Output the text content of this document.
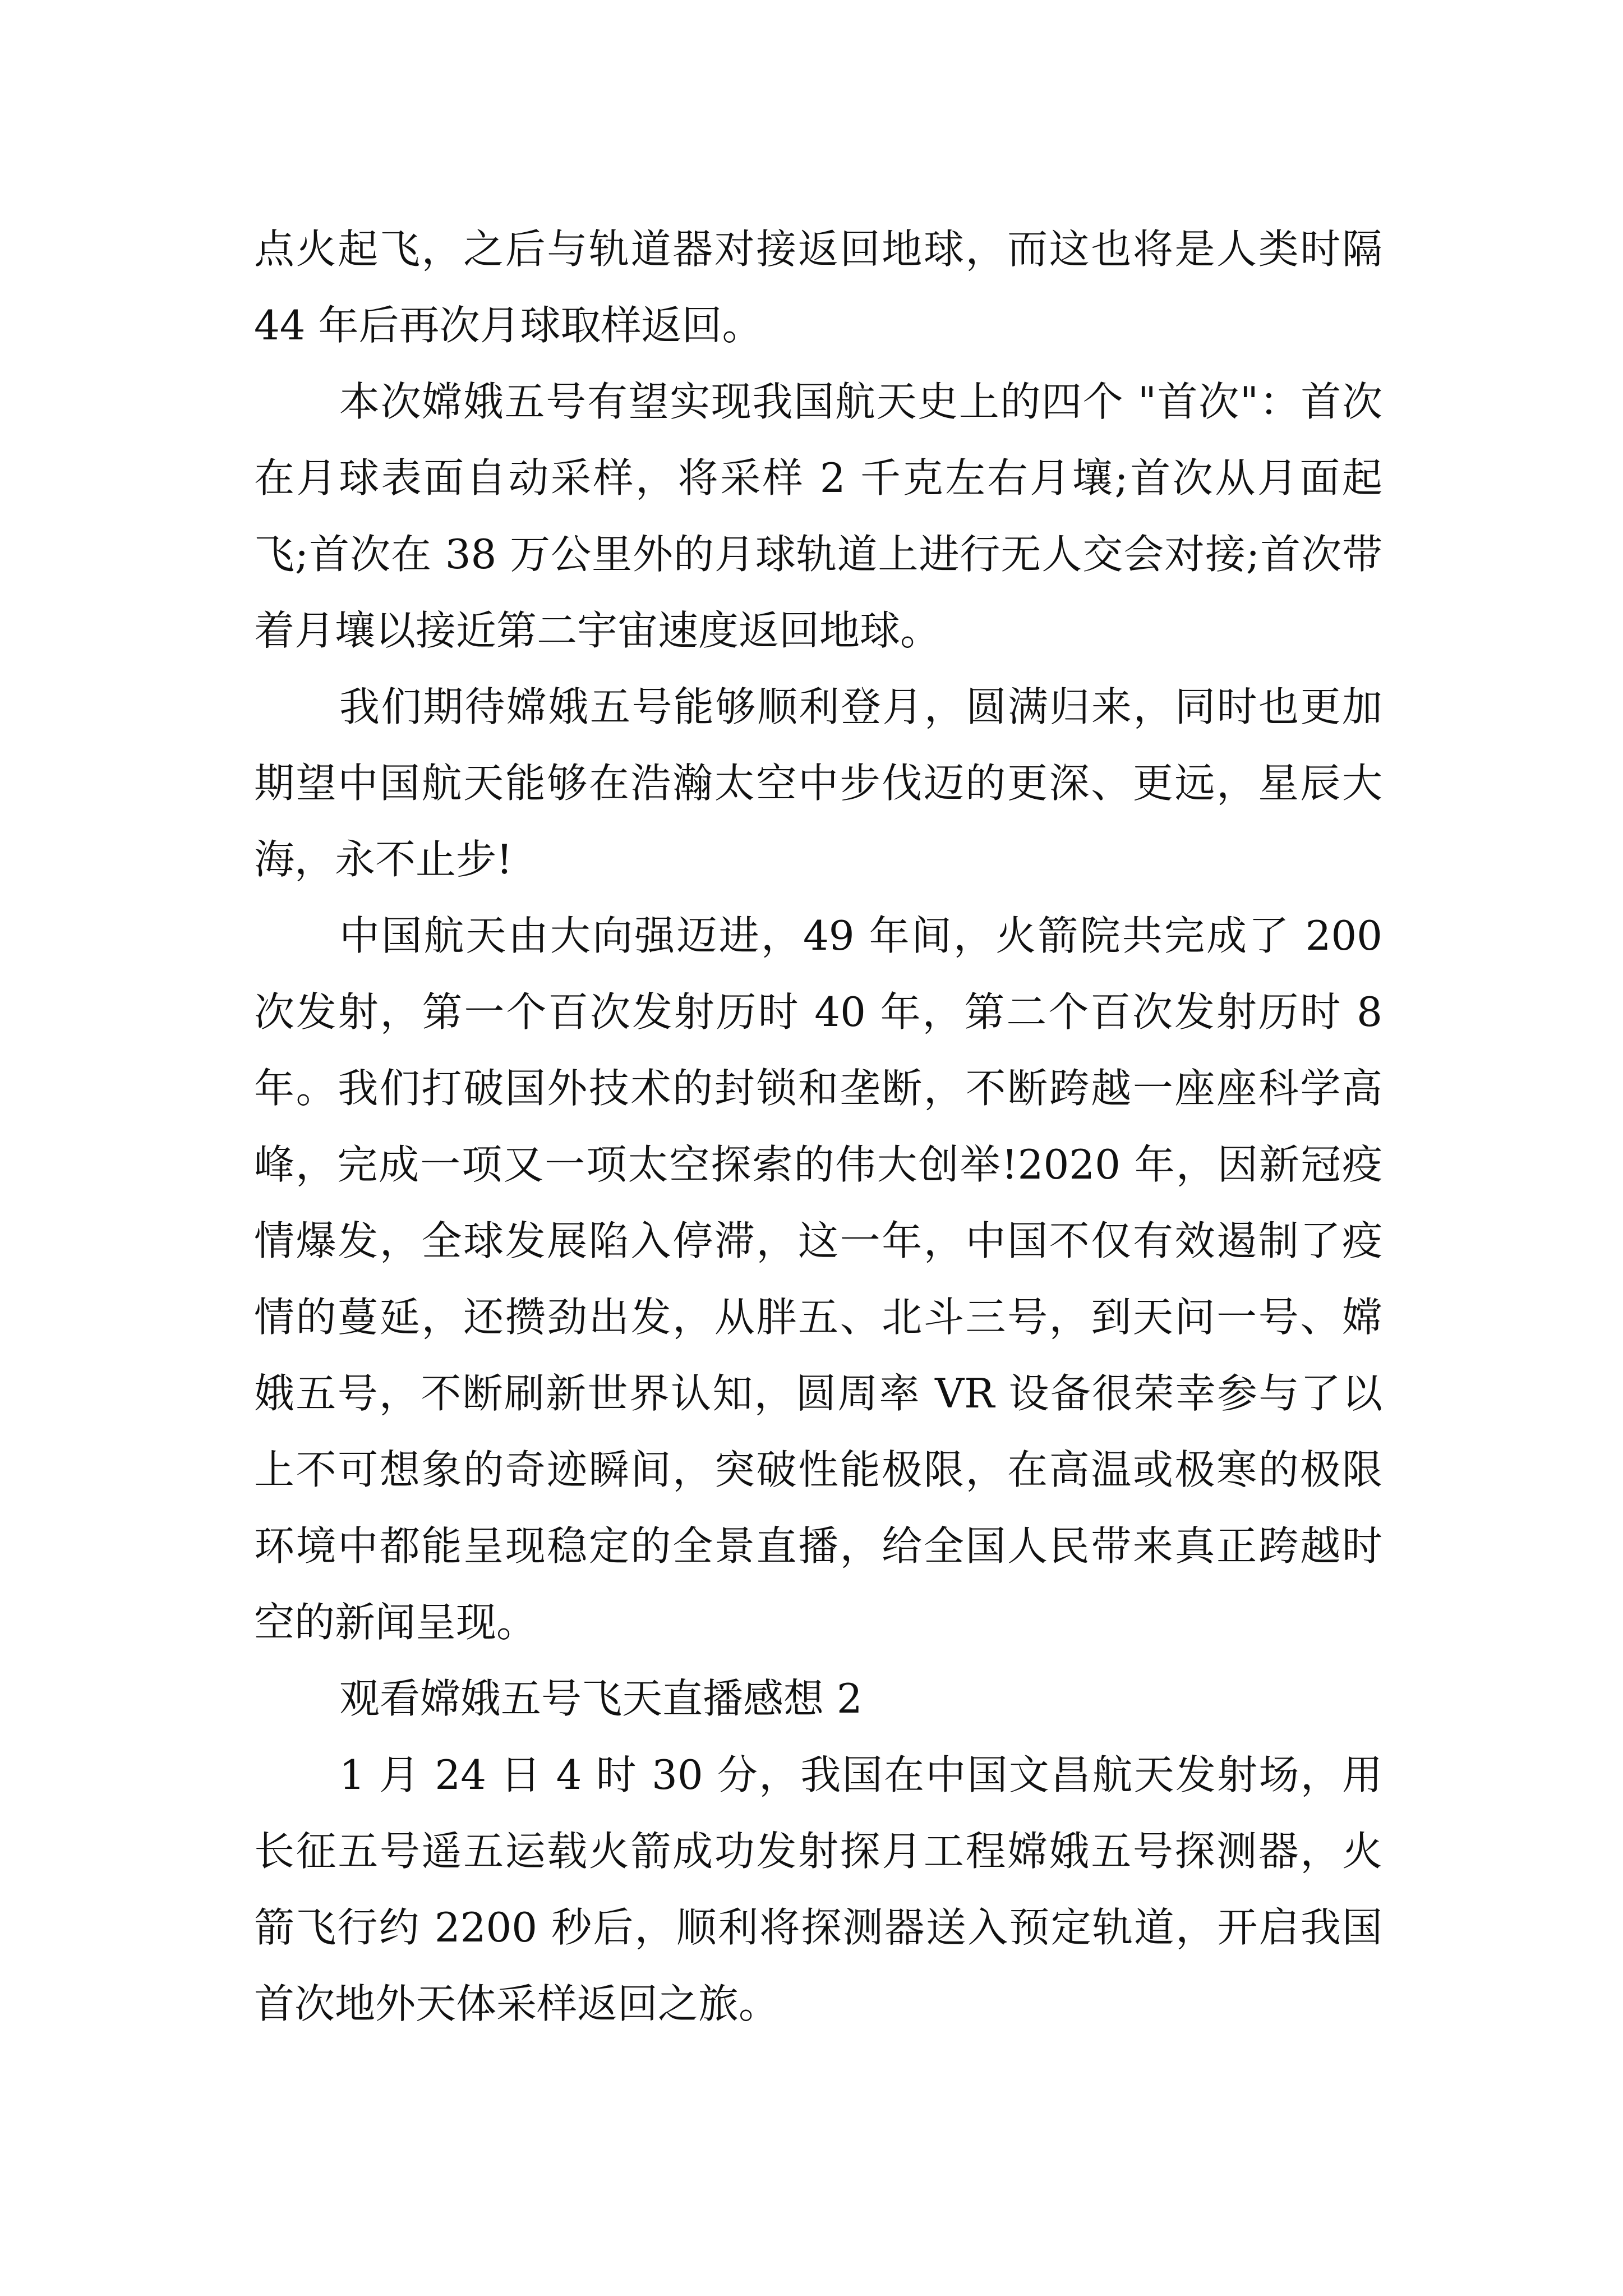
点火起飞，之后与轨道器对接返回地球，而这也将是人类时隔 44 年后再次月球取样返回。

本次嫦娥五号有望实现我国航天史上的四个 "首次"：首次在月球表面自动采样，将采样 2 千克左右月壤;首次从月面起飞;首次在 38 万公里外的月球轨道上进行无人交会对接;首次带着月壤以接近第二宇宙速度返回地球。

我们期待嫦娥五号能够顺利登月，圆满归来，同时也更加期望中国航天能够在浩瀚太空中步伐迈的更深、更远，星辰大海，永不止步!

中国航天由大向强迈进，49 年间，火箭院共完成了 200 次发射，第一个百次发射历时 40 年，第二个百次发射历时 8 年。我们打破国外技术的封锁和垄断，不断跨越一座座科学高峰，完成一项又一项太空探索的伟大创举!2020 年，因新冠疫情爆发，全球发展陷入停滞，这一年，中国不仅有效遏制了疫情的蔓延，还攒劲出发，从胖五、北斗三号，到天问一号、嫦娥五号，不断刷新世界认知，圆周率 VR 设备很荣幸参与了以上不可想象的奇迹瞬间，突破性能极限，在高温或极寒的极限环境中都能呈现稳定的全景直播，给全国人民带来真正跨越时空的新闻呈现。

观看嫦娥五号飞天直播感想 2

1 月 24 日 4 时 30 分，我国在中国文昌航天发射场，用长征五号遥五运载火箭成功发射探月工程嫦娥五号探测器，火箭飞行约 2200 秒后，顺利将探测器送入预定轨道，开启我国首次地外天体采样返回之旅。
